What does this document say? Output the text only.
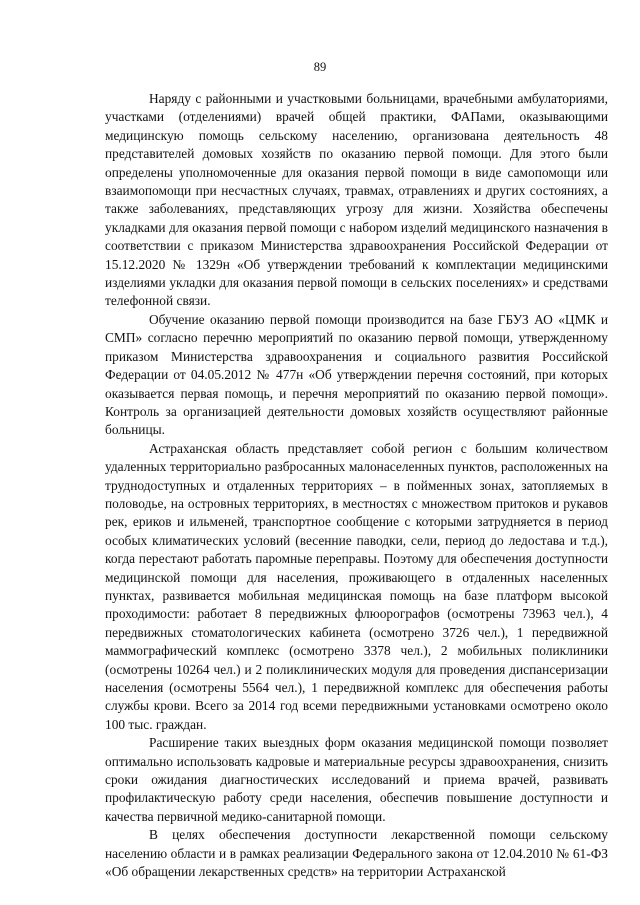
89

Наряду с районными и участковыми больницами, врачебными амбулаториями, участками (отделениями) врачей общей практики, ФАПами, оказывающими медицинскую помощь сельскому населению, организована деятельность 48 представителей домовых хозяйств по оказанию первой помощи. Для этого были определены уполномоченные для оказания первой помощи в виде самопомощи или взаимопомощи при несчастных случаях, травмах, отравлениях и других состояниях, а также заболеваниях, представляющих угрозу для жизни. Хозяйства обеспечены укладками для оказания первой помощи с набором изделий медицинского назначения в соответствии с приказом Министерства здравоохранения Российской Федерации от 15.12.2020 № 1329н «Об утверждении требований к комплектации медицинскими изделиями укладки для оказания первой помощи в сельских поселениях» и средствами телефонной связи.

Обучение оказанию первой помощи производится на базе ГБУЗ АО «ЦМК и СМП» согласно перечню мероприятий по оказанию первой помощи, утвержденному приказом Министерства здравоохранения и социального развития Российской Федерации от 04.05.2012 № 477н «Об утверждении перечня состояний, при которых оказывается первая помощь, и перечня мероприятий по оказанию первой помощи». Контроль за организацией деятельности домовых хозяйств осуществляют районные больницы.

Астраханская область представляет собой регион с большим количеством удаленных территориально разбросанных малонаселенных пунктов, расположенных на труднодоступных и отдаленных территориях – в пойменных зонах, затопляемых в половодье, на островных территориях, в местностях с множеством притоков и рукавов рек, ериков и ильменей, транспортное сообщение с которыми затрудняется в период особых климатических условий (весенние паводки, сели, период до ледостава и т.д.), когда перестают работать паромные переправы. Поэтому для обеспечения доступности медицинской помощи для населения, проживающего в отдаленных населенных пунктах, развивается мобильная медицинская помощь на базе платформ высокой проходимости: работает 8 передвижных флюорографов (осмотрены 73963 чел.), 4 передвижных стоматологических кабинета (осмотрено 3726 чел.), 1 передвижной маммографический комплекс (осмотрено 3378 чел.), 2 мобильных поликлиники (осмотрены 10264 чел.) и 2 поликлинических модуля для проведения диспансеризации населения (осмотрены 5564 чел.), 1 передвижной комплекс для обеспечения работы службы крови. Всего за 2014 год всеми передвижными установками осмотрено около 100 тыс. граждан.

Расширение таких выездных форм оказания медицинской помощи позволяет оптимально использовать кадровые и материальные ресурсы здравоохранения, снизить сроки ожидания диагностических исследований и приема врачей, развивать профилактическую работу среди населения, обеспечив повышение доступности и качества первичной медико-санитарной помощи.

В целях обеспечения доступности лекарственной помощи сельскому населению области и в рамках реализации Федерального закона от 12.04.2010 № 61-ФЗ «Об обращении лекарственных средств» на территории Астраханской
